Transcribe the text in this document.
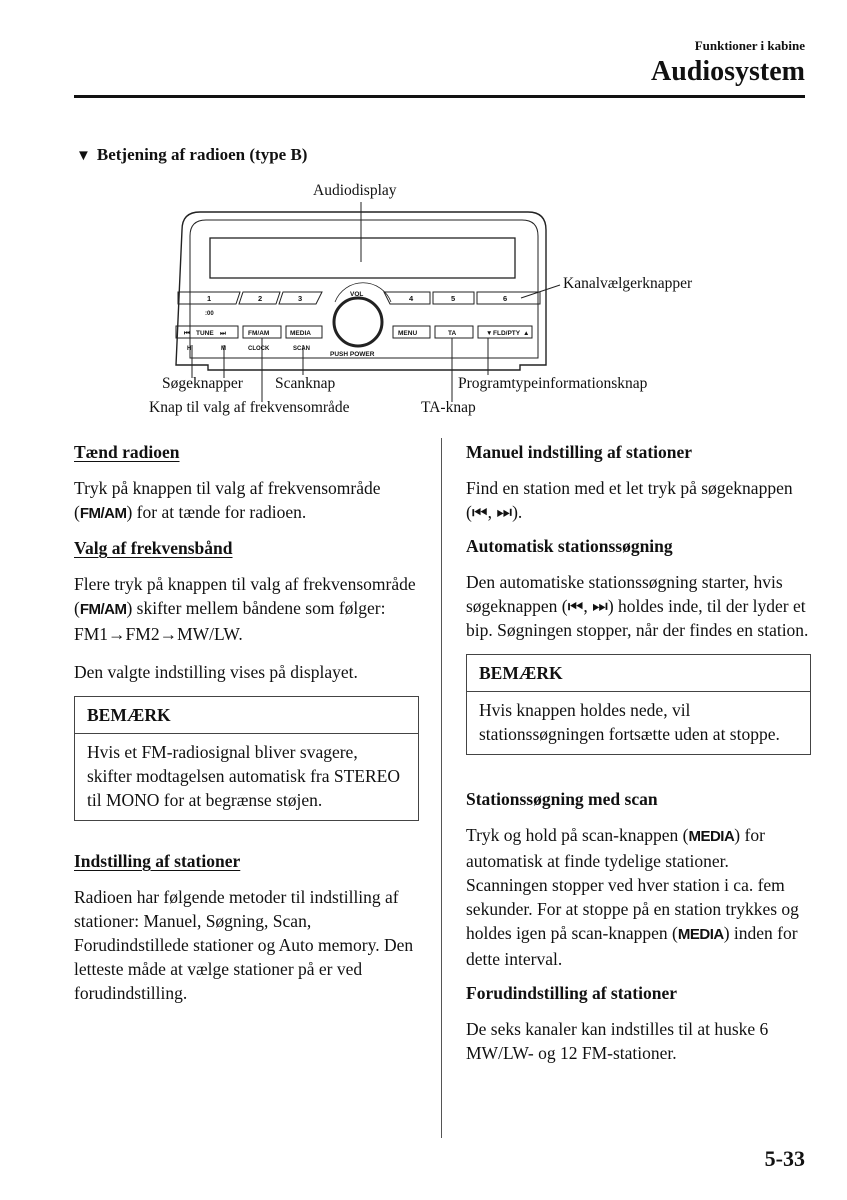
Funktioner i kabine
Audiosystem
▼ Betjening af radioen (type B)
1	2	3	4	5	6
:00
VOL
PUSH POWER
⏮ TUNE ⏭	FM/AM	MEDIA	MENU	TA	▼ FLD/PTY ▲
H	M	CLOCK	SCAN
Audiodisplay
Kanalvælgerknapper
Søgeknapper Scanknap	Programtypeinformationsknap
Knap til valg af frekvensområde	TA-knap
Tænd radioen

Tryk på knappen til valg af frekvensområde (FM/AM) for at tænde for radioen.

Valg af frekvensbånd

Flere tryk på knappen til valg af frekvensområde (FM/AM) skifter mellem båndene som følger:
FM1→FM2→MW/LW.

Den valgte indstilling vises på displayet.

BEMÆRK
Hvis et FM-radiosignal bliver svagere, skifter modtagelsen automatisk fra STEREO til MONO for at begrænse støjen.
Indstilling af stationer

Radioen har følgende metoder til indstilling af stationer: Manuel, Søgning, Scan, Forudindstillede stationer og Auto memory. Den letteste måde at vælge stationer på er ved forudindstilling.

Manuel indstilling af stationer

Find en station med et let tryk på søgeknappen (⏮, ⏭).

Automatisk stationssøgning

Den automatiske stationssøgning starter, hvis søgeknappen (⏮, ⏭) holdes inde, til der lyder et bip. Søgningen stopper, når der findes en station.

BEMÆRK
Hvis knappen holdes nede, vil stationssøgningen fortsætte uden at stoppe.
Stationssøgning med scan

Tryk og hold på scan-knappen (MEDIA) for automatisk at finde tydelige stationer. Scanningen stopper ved hver station i ca. fem sekunder. For at stoppe på en station trykkes og holdes igen på scan-knappen (MEDIA) inden for dette interval.

Forudindstilling af stationer

De seks kanaler kan indstilles til at huske 6 MW/LW- og 12 FM-stationer.

5-33
